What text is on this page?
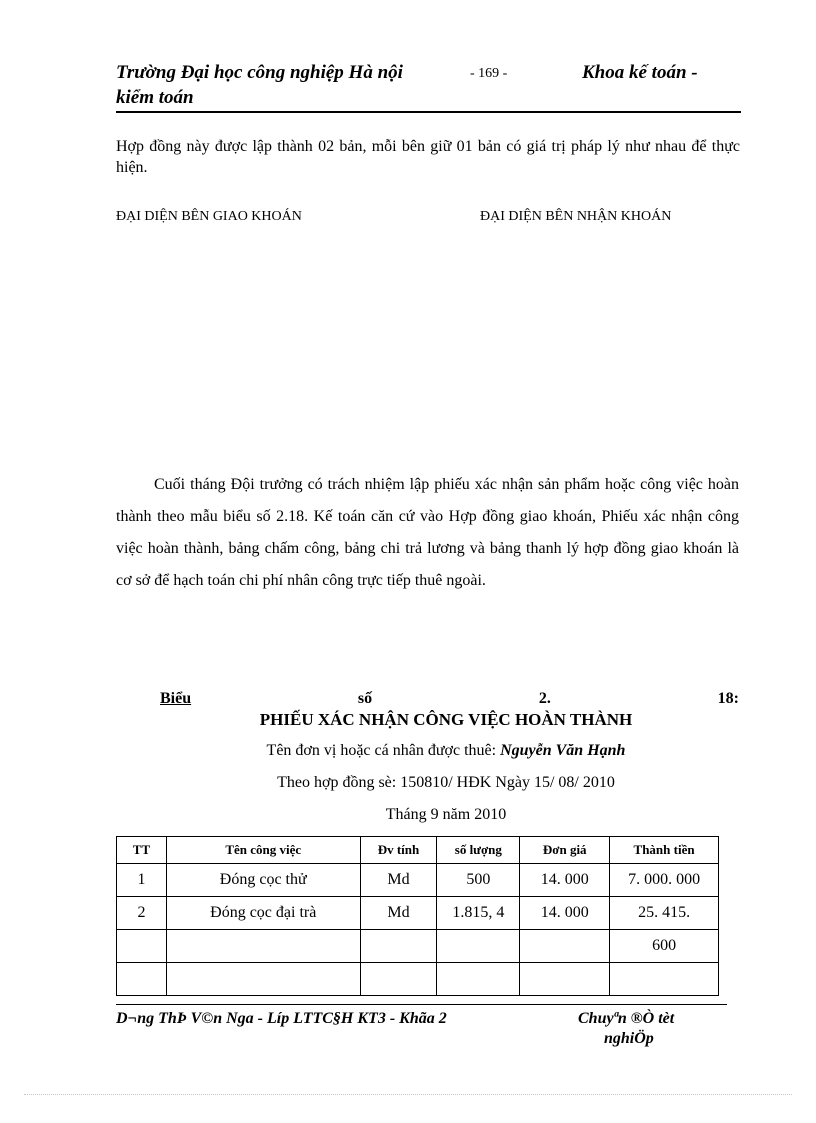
Trường Đại học công nghiệp Hà nội	- 169 -	Khoa kế toán -
kiểm toán
Hợp đồng này được lập thành 02 bản, mỗi bên giữ 01 bản có giá trị pháp lý như nhau để thực hiện.
ĐẠI DIỆN BÊN GIAO KHOÁN	ĐẠI DIỆN BÊN NHẬN KHOÁN
Cuối tháng Đội trưởng có trách nhiệm lập phiếu xác nhận sản phẩm hoặc công việc hoàn thành theo mẫu biểu số 2.18. Kế toán căn cứ vào Hợp đồng giao khoán, Phiếu xác nhận công việc hoàn thành, bảng chấm công, bảng chi trả lương và bảng thanh lý hợp đồng giao khoán là cơ sở để hạch toán chi phí nhân công trực tiếp thuê ngoài.
Biểu	số	2.	18:
PHIẾU XÁC NHẬN CÔNG VIỆC HOÀN THÀNH
Tên đơn vị hoặc cá nhân được thuê: Nguyễn Văn Hạnh
Theo hợp đồng sè: 150810/ HĐK Ngày 15/ 08/ 2010
Tháng 9 năm 2010
TT	Tên công việc	Đv tính	số lượng	Đơn giá	Thành tiền
1	Đóng cọc thử	Md	500	14. 000	7. 000. 000
2	Đóng cọc đại trà	Md	1.815, 4	14. 000	25. 415.
					600

D¬ng ThÞ V©n Nga - Líp LTTC§H KT3 - Khãa 2	Chuyªn ®Ò tèt
nghiÖp
